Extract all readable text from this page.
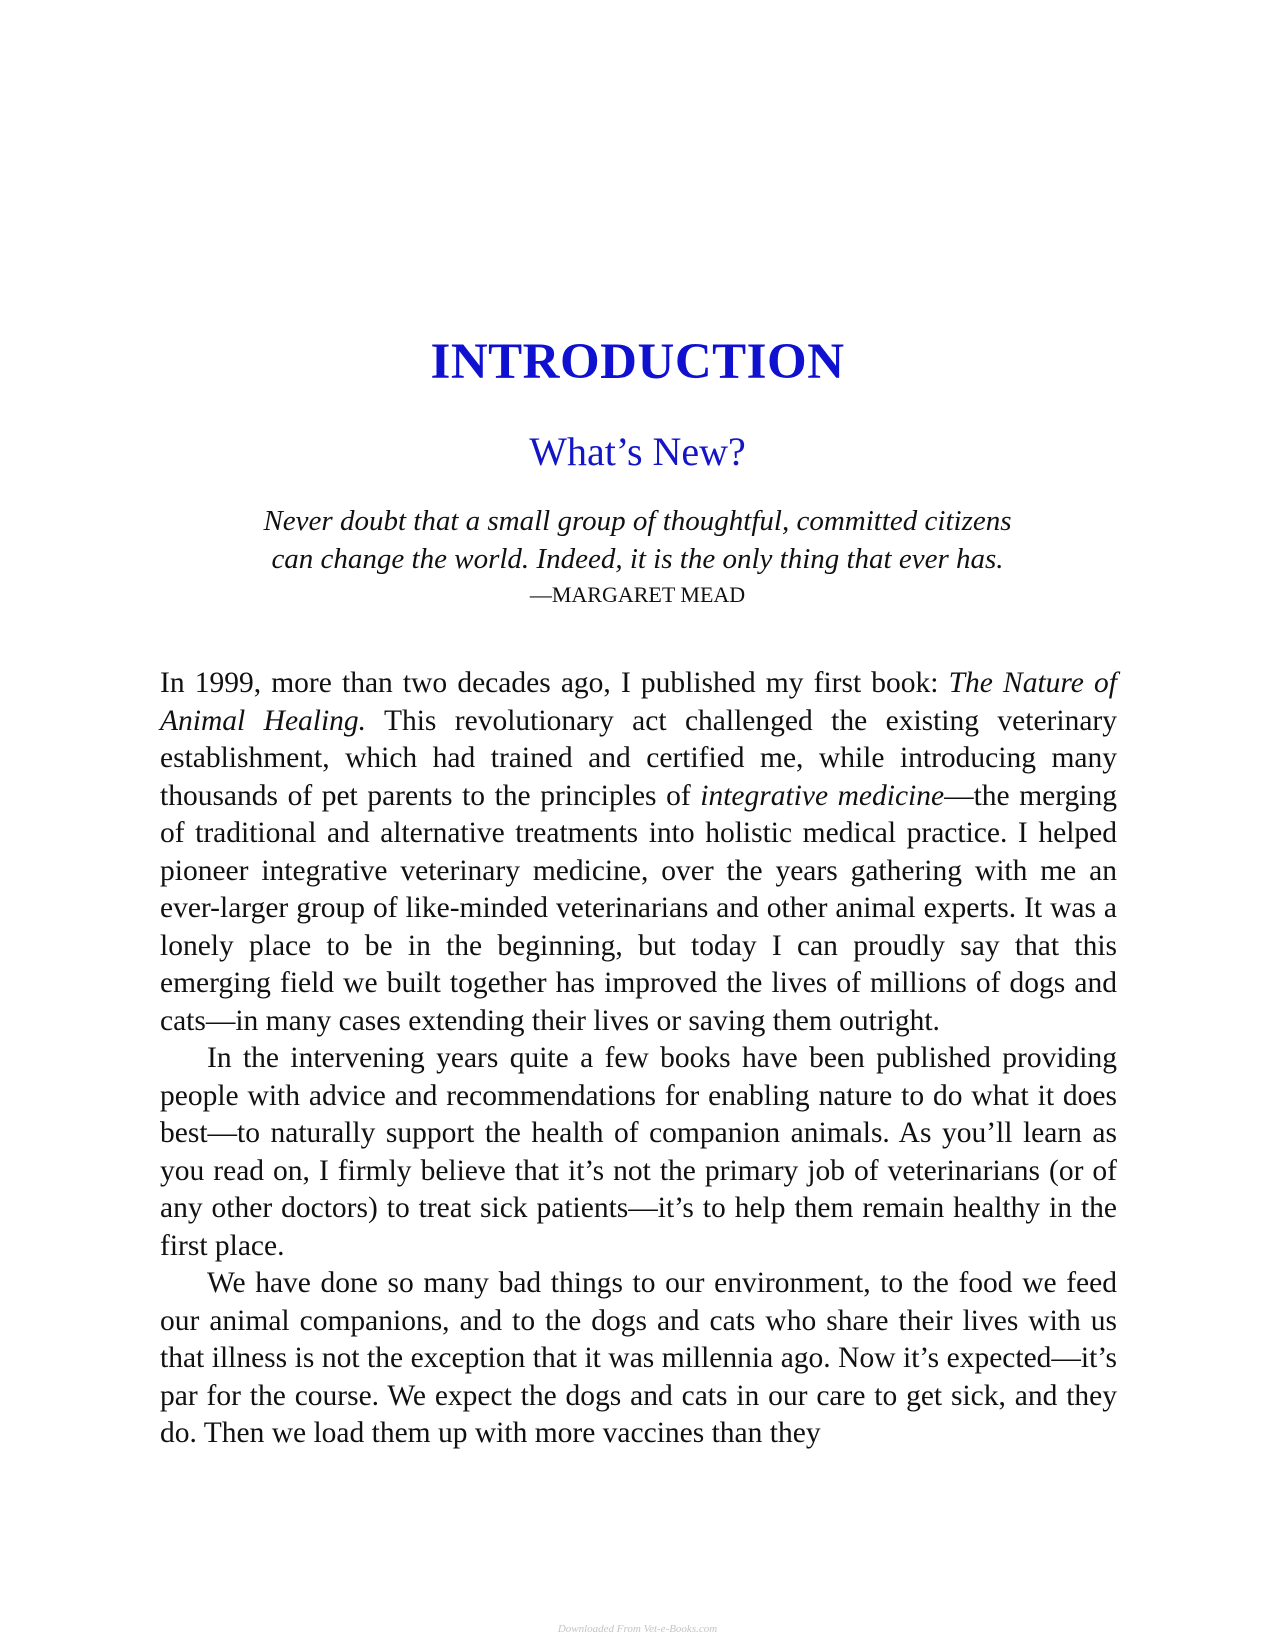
INTRODUCTION
What’s New?

Never doubt that a small group of thoughtful, committed citizens

can change the world. Indeed, it is the only thing that ever has.

—MARGARET MEAD

In 1999, more than two decades ago, I published my first book: The Nature of Animal Healing. This revolutionary act challenged the existing veterinary establishment, which had trained and certified me, while introducing many thousands of pet parents to the principles of integrative medicine—the merging of traditional and alternative treatments into holistic medical practice. I helped pioneer integrative veterinary medicine, over the years gathering with me an ever-larger group of like-minded veterinarians and other animal experts. It was a lonely place to be in the beginning, but today I can proudly say that this emerging field we built together has improved the lives of millions of dogs and cats—in many cases extending their lives or saving them outright.

In the intervening years quite a few books have been published providing people with advice and recommendations for enabling nature to do what it does best—to naturally support the health of companion animals. As you’ll learn as you read on, I firmly believe that it’s not the primary job of veterinarians (or of any other doctors) to treat sick patients—it’s to help them remain healthy in the first place.

We have done so many bad things to our environment, to the food we feed our animal companions, and to the dogs and cats who share their lives with us that illness is not the exception that it was millennia ago. Now it’s expected—it’s par for the course. We expect the dogs and cats in our care to get sick, and they do. Then we load them up with more vaccines than they

Downloaded From Vet-e-Books.com
